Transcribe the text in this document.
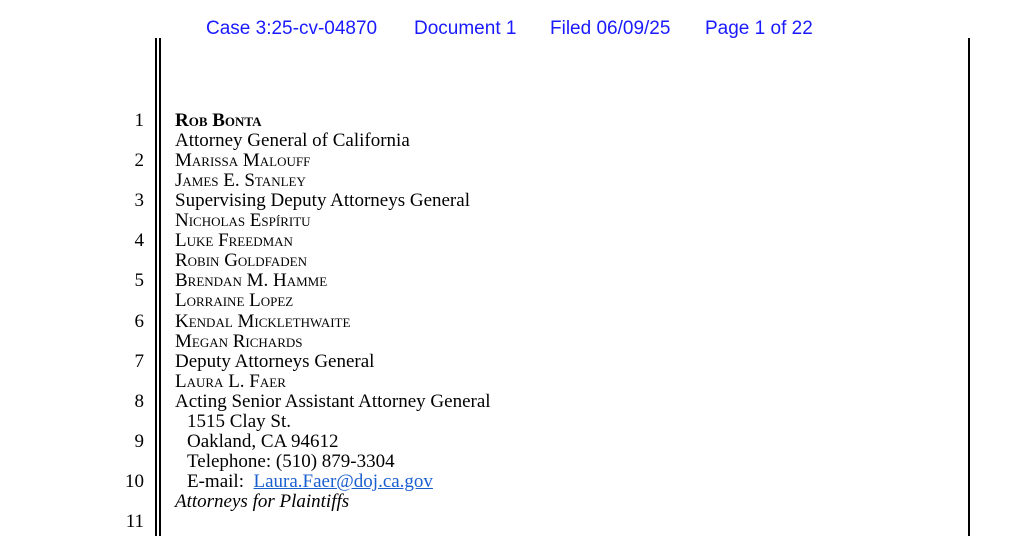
Case 3:25-cv-04870 Document 1 Filed 06/09/25 Page 1 of 22
1
2
3
4
5
6
7
8
9
10
11
Rob Bonta
Attorney General of California
Marissa Malouff
James E. Stanley
Supervising Deputy Attorneys General
Nicholas Espíritu
Luke Freedman
Robin Goldfaden
Brendan M. Hamme
Lorraine Lopez
Kendal Micklethwaite
Megan Richards
Deputy Attorneys General
Laura L. Faer
Acting Senior Assistant Attorney General
1515 Clay St.
Oakland, CA 94612
Telephone: (510) 879-3304
E-mail: Laura.Faer@doj.ca.gov
Attorneys for Plaintiffs
